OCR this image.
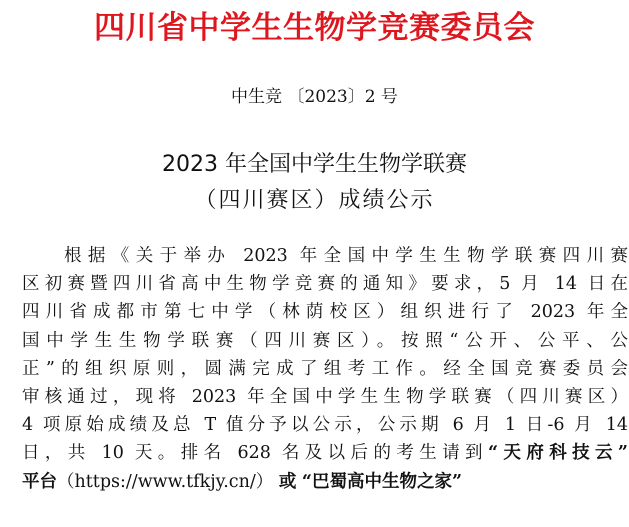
四川省中学生生物学竞赛委员会
中生竞 〔2023〕2 号
2023 年全国中学生生物学联赛
（四川赛区）成绩公示
根据《关于举办 2023 年全国中学生生物学联赛四川赛
区初赛暨四川省高中生物学竞赛的通知》要求，5 月 14 日在
四川省成都市第七中学（林荫校区）组织进行了 2023 年全
国中学生生物学联赛（四川赛区）。按照“公开、公平、公
正”的组织原则，圆满完成了组考工作。经全国竞赛委员会
审核通过，现将 2023 年全国中学生生物学联赛（四川赛区）
4 项原始成绩及总 T 值分予以公示，公示期 6 月 1 日-6 月 14
日，共 10 天。排名 628 名及以后的考生请到“天府科技云”
平台（https://www.tfkjy.cn/） 或 “巴蜀高中生物之家”
